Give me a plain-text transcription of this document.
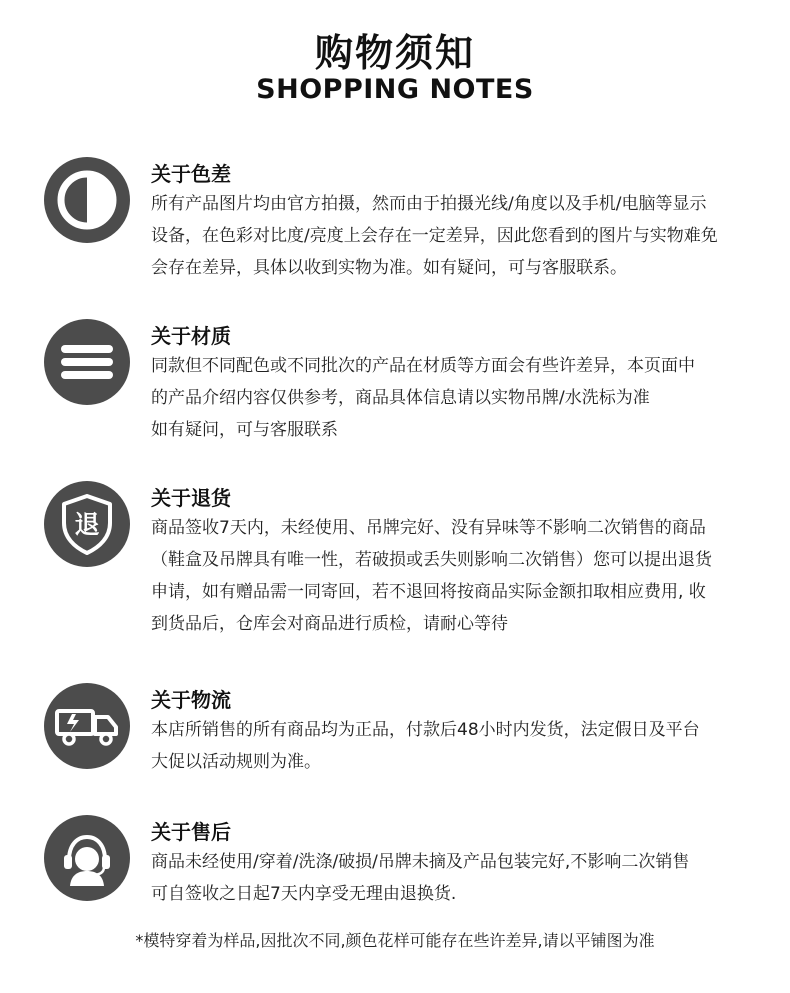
购物须知
SHOPPING NOTES
关于色差
所有产品图片均由官方拍摄，然而由于拍摄光线/角度以及手机/电脑等显示
设备，在色彩对比度/亮度上会存在一定差异，因此您看到的图片与实物难免
会存在差异，具体以收到实物为准。如有疑问，可与客服联系。
关于材质
同款但不同配色或不同批次的产品在材质等方面会有些许差异，本页面中
的产品介绍内容仅供参考，商品具体信息请以实物吊牌/水洗标为准
如有疑问，可与客服联系
退
关于退货
商品签收7天内，未经使用、吊牌完好、没有异味等不影响二次销售的商品
（鞋盒及吊牌具有唯一性，若破损或丢失则影响二次销售）您可以提出退货
申请，如有赠品需一同寄回，若不退回将按商品实际金额扣取相应费用, 收
到货品后，仓库会对商品进行质检，请耐心等待
关于物流
本店所销售的所有商品均为正品，付款后48小时内发货，法定假日及平台
大促以活动规则为准。
关于售后
商品未经使用/穿着/洗涤/破损/吊牌未摘及产品包装完好,不影响二次销售
可自签收之日起7天内享受无理由退换货.
*模特穿着为样品,因批次不同,颜色花样可能存在些许差异,请以平铺图为准
